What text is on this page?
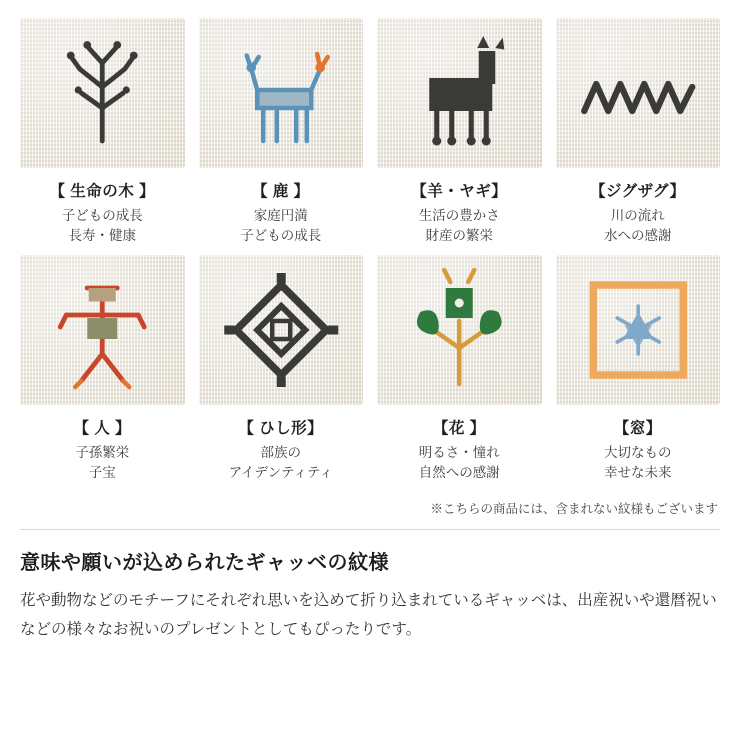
【 生命の木 】
子どもの成長
長寿・健康
【 鹿 】
家庭円満
子どもの成長
【羊・ヤギ】
生活の豊かさ
財産の繁栄
【ジグザグ】
川の流れ
水への感謝
【 人 】
子孫繁栄
子宝
【 ひし形】
部族の
アイデンティティ
【花 】
明るさ・憧れ
自然への感謝
【窓】
大切なもの
幸せな未来
※こちらの商品には、含まれない紋様もございます
意味や願いが込められたギャッベの紋様

花や動物などのモチーフにそれぞれ思いを込めて折り込まれているギャッベは、出産祝いや還暦祝いなどの様々なお祝いのプレゼントとしてもぴったりです。
